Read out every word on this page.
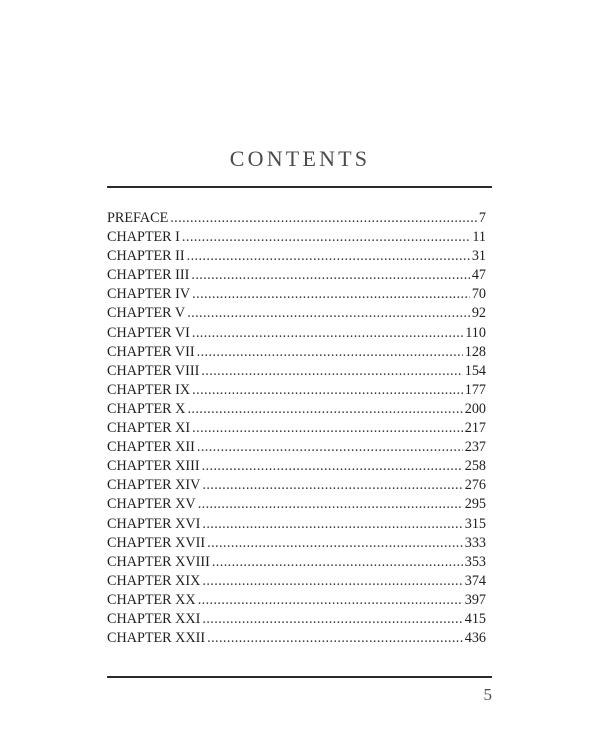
CONTENTS
PREFACE .....	7
CHAPTER I .....	11
CHAPTER II .....	31
CHAPTER III .....	47
CHAPTER IV .....	70
CHAPTER V .....	92
CHAPTER VI .....	110
CHAPTER VII .....	128
CHAPTER VIII .....	154
CHAPTER IX .....	177
CHAPTER X .....	200
CHAPTER XI .....	217
CHAPTER XII .....	237
CHAPTER XIII .....	258
CHAPTER XIV .....	276
CHAPTER XV .....	295
CHAPTER XVI .....	315
CHAPTER XVII .....	333
CHAPTER XVIII .....	353
CHAPTER XIX .....	374
CHAPTER XX .....	397
CHAPTER XXI .....	415
CHAPTER XXII .....	436
5
